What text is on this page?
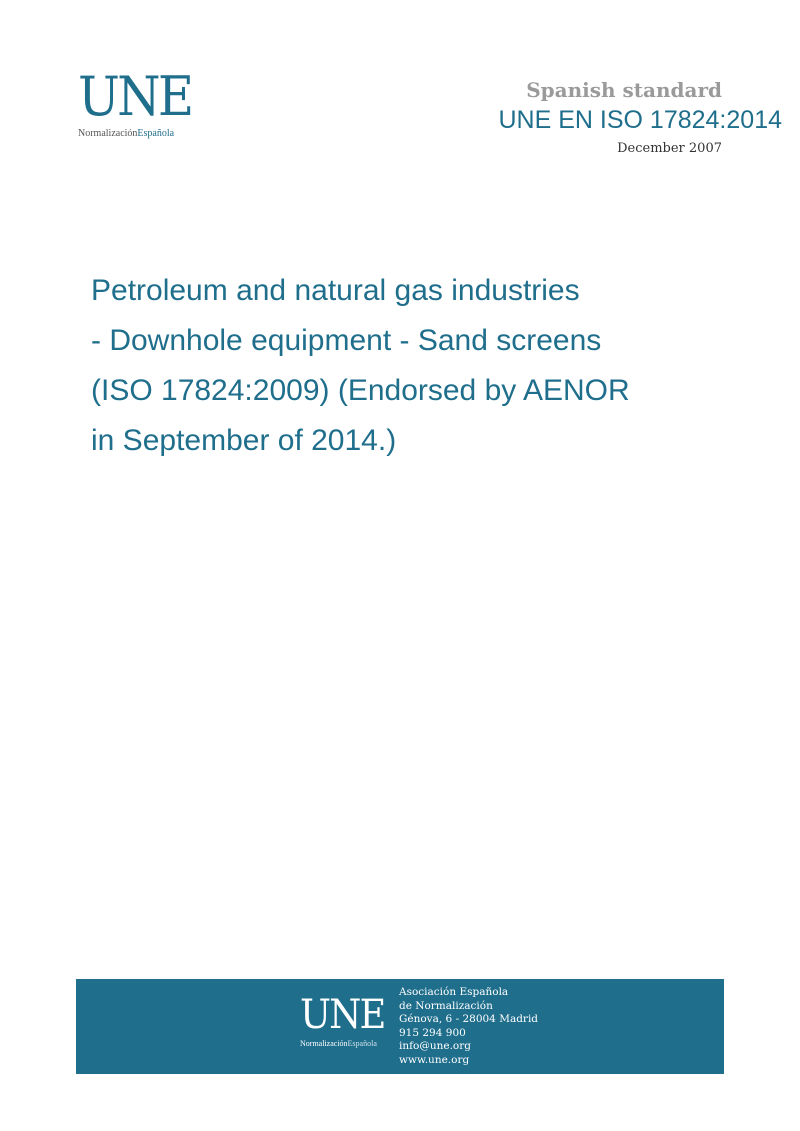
UNE
NormalizaciónEspañola
Spanish standard
UNE EN ISO 17824:2014
December 2007
Petroleum and natural gas industries
- Downhole equipment - Sand screens
(ISO 17824:2009) (Endorsed by AENOR
in September of 2014.)
UNE
NormalizaciónEspañola
Asociación Española
de Normalización
Génova, 6 - 28004 Madrid
915 294 900
info@une.org
www.une.org
